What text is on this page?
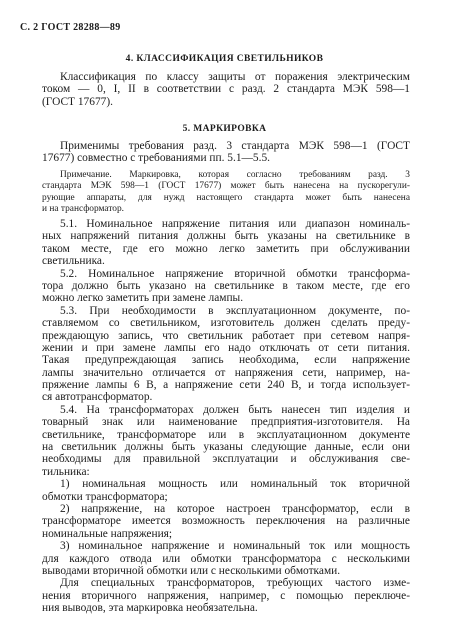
С. 2 ГОСТ 28288—89
4. КЛАССИФИКАЦИЯ СВЕТИЛЬНИКОВ
Классификация по классу защиты от поражения электрическим
током — 0, I, II в соответствии с разд. 2 стандарта МЭК 598—1
(ГОСТ 17677).
5. МАРКИРОВКА
Применимы требования разд. 3 стандарта МЭК 598—1 (ГОСТ
17677) совместно с требованиями пп. 5.1—5.5.
Примечание. Маркировка, которая согласно требованиям разд. 3
стандарта МЭК 598—1 (ГОСТ 17677) может быть нанесена на пускорегули-
рующие аппараты, для нужд настоящего стандарта может быть нанесена
и на трансформатор.
5.1. Номинальное напряжение питания или диапазон номиналь-
ных напряжений питания должны быть указаны на светильнике в
таком месте, где его можно легко заметить при обслуживании
светильника.
5.2. Номинальное напряжение вторичной обмотки трансформа-
тора должно быть указано на светильнике в таком месте, где его
можно легко заметить при замене лампы.
5.3. При необходимости в эксплуатационном документе, по-
ставляемом со светильником, изготовитель должен сделать преду-
преждающую запись, что светильник работает при сетевом напря-
жении и при замене лампы его надо отключать от сети питания.
Такая предупреждающая запись необходима, если напряжение
лампы значительно отличается от напряжения сети, например, на-
пряжение лампы 6 В, а напряжение сети 240 В, и тогда использует-
ся автотрансформатор.
5.4. На трансформаторах должен быть нанесен тип изделия и
товарный знак или наименование предприятия-изготовителя. На
светильнике, трансформаторе или в эксплуатационном документе
на светильник должны быть указаны следующие данные, если они
необходимы для правильной эксплуатации и обслуживания све-
тильника:
1) номинальная мощность или номинальный ток вторичной
обмотки трансформатора;
2) напряжение, на которое настроен трансформатор, если в
трансформаторе имеется возможность переключения на различные
номинальные напряжения;
3) номинальное напряжение и номинальный ток или мощность
для каждого отвода или обмотки трансформатора с несколькими
выводами вторичной обмотки или с несколькими обмотками.
Для специальных трансформаторов, требующих частого изме-
нения вторичного напряжения, например, с помощью переключе-
ния выводов, эта маркировка необязательна.
